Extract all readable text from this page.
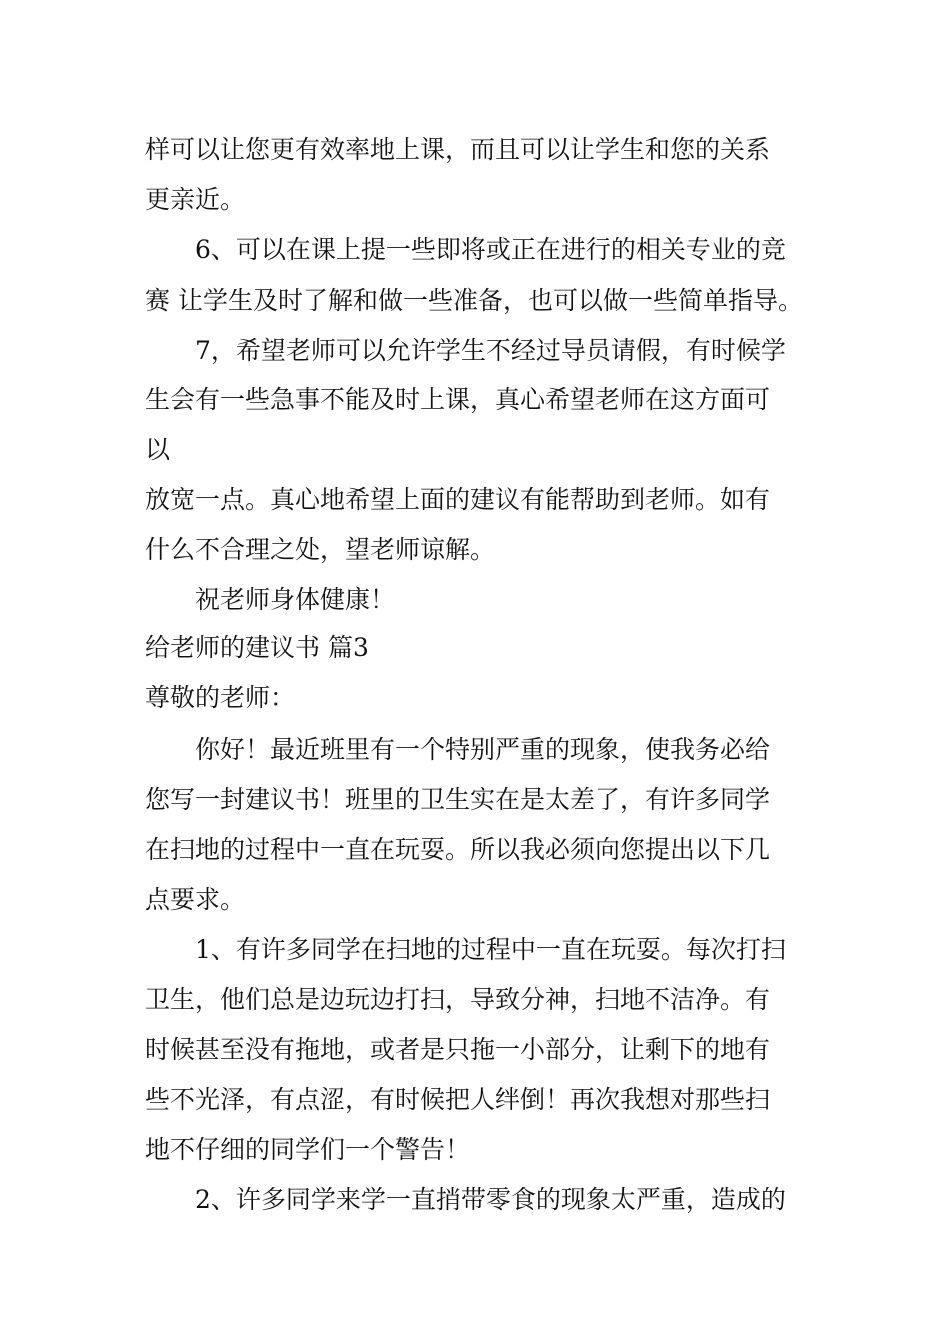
样可以让您更有效率地上课，而且可以让学生和您的关系

更亲近。

6、可以在课上提一些即将或正在进行的相关专业的竞

赛 让学生及时了解和做一些准备，也可以做一些简单指导。

7，希望老师可以允许学生不经过导员请假，有时候学

生会有一些急事不能及时上课，真心希望老师在这方面可

以

放宽一点。真心地希望上面的建议有能帮助到老师。如有

什么不合理之处，望老师谅解。

祝老师身体健康！

给老师的建议书 篇3

尊敬的老师：

你好！最近班里有一个特别严重的现象，使我务必给

您写一封建议书！班里的卫生实在是太差了，有许多同学

在扫地的过程中一直在玩耍。所以我必须向您提出以下几

点要求。

1、有许多同学在扫地的过程中一直在玩耍。每次打扫

卫生，他们总是边玩边打扫，导致分神，扫地不洁净。有

时候甚至没有拖地，或者是只拖一小部分，让剩下的地有

些不光泽，有点涩，有时候把人绊倒！再次我想对那些扫

地不仔细的同学们一个警告！

2、许多同学来学一直捎带零食的现象太严重，造成的
